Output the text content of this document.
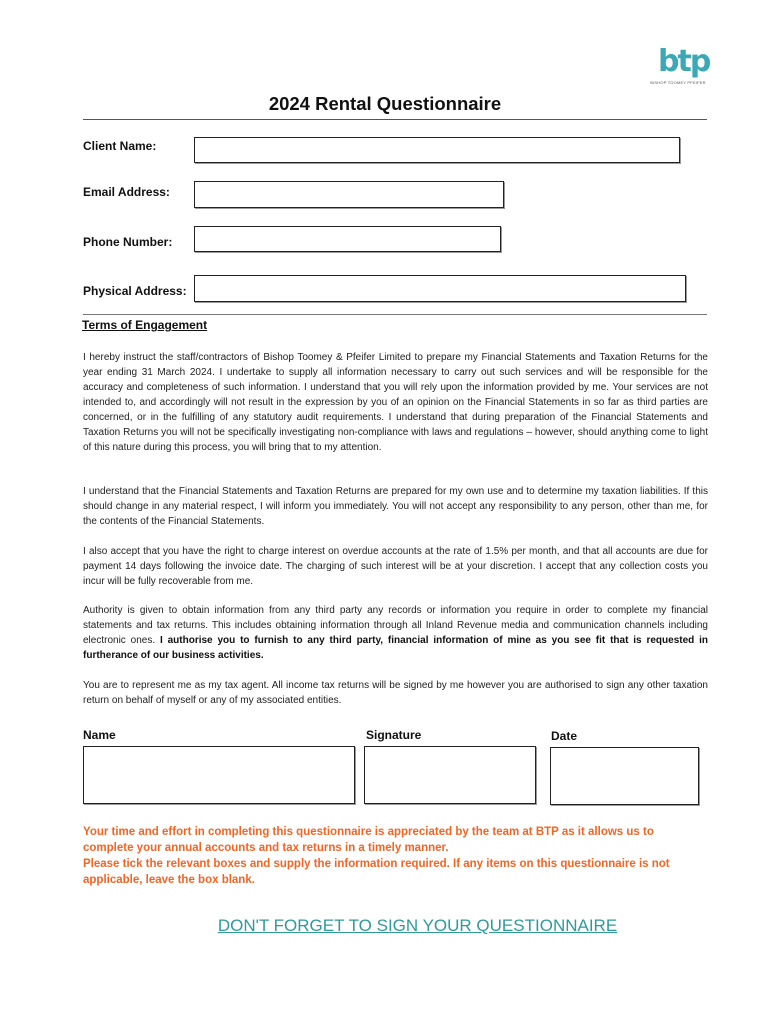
btp
BISHOP TOOMEY PFEIFER
2024 Rental Questionnaire
Client Name:
Email Address:
Phone Number:
Physical Address:
Terms of Engagement
I hereby instruct the staff/contractors of Bishop Toomey & Pfeifer Limited to prepare my Financial Statements and Taxation Returns for the year ending 31 March 2024. I undertake to supply all information necessary to carry out such services and will be responsible for the accuracy and completeness of such information. I understand that you will rely upon the information provided by me. Your services are not intended to, and accordingly will not result in the expression by you of an opinion on the Financial Statements in so far as third parties are concerned, or in the fulfilling of any statutory audit requirements. I understand that during preparation of the Financial Statements and Taxation Returns you will not be specifically investigating non-compliance with laws and regulations – however, should anything come to light of this nature during this process, you will bring that to my attention.
I understand that the Financial Statements and Taxation Returns are prepared for my own use and to determine my taxation liabilities. If this should change in any material respect, I will inform you immediately. You will not accept any responsibility to any person, other than me, for the contents of the Financial Statements.
I also accept that you have the right to charge interest on overdue accounts at the rate of 1.5% per month, and that all accounts are due for payment 14 days following the invoice date. The charging of such interest will be at your discretion. I accept that any collection costs you incur will be fully recoverable from me.
Authority is given to obtain information from any third party any records or information you require in order to complete my financial statements and tax returns. This includes obtaining information through all Inland Revenue media and communication channels including electronic ones. I authorise you to furnish to any third party, financial information of mine as you see fit that is requested in furtherance of our business activities.
You are to represent me as my tax agent. All income tax returns will be signed by me however you are authorised to sign any other taxation return on behalf of myself or any of my associated entities.
Name	Signature	Date
Your time and effort in completing this questionnaire is appreciated by the team at BTP as it allows us to complete your annual accounts and tax returns in a timely manner.
Please tick the relevant boxes and supply the information required. If any items on this questionnaire is not applicable, leave the box blank.
DON'T FORGET TO SIGN YOUR QUESTIONNAIRE
